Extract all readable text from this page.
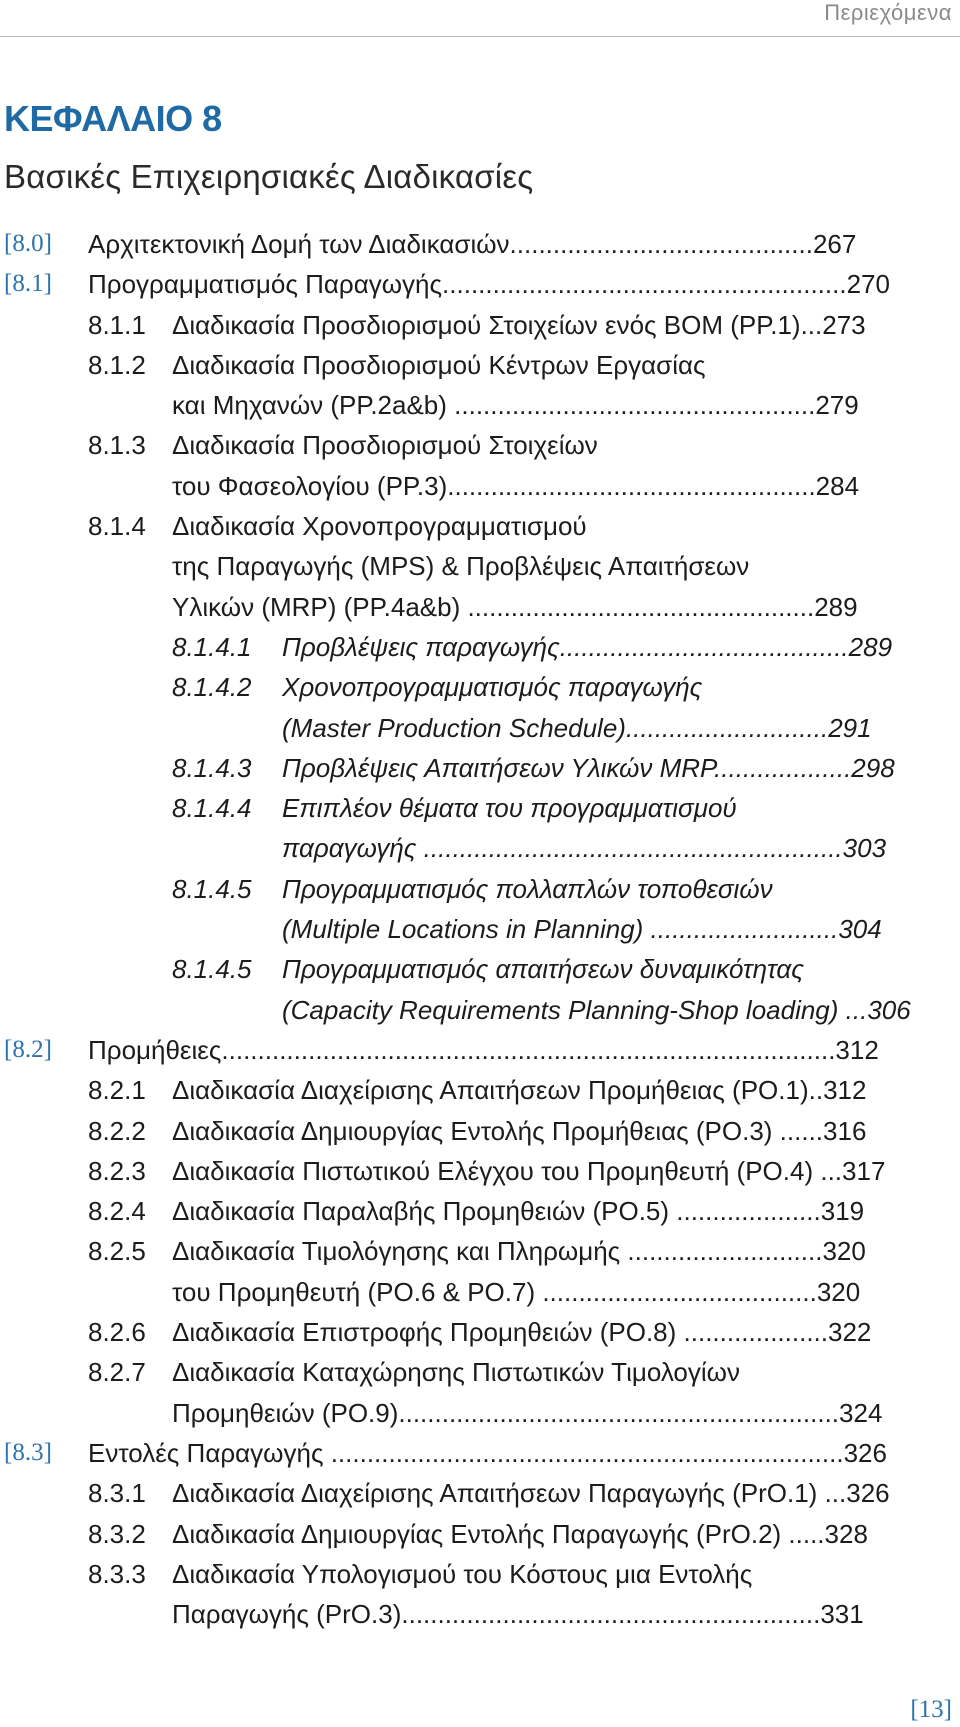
Περιεχόμενα
ΚΕΦΑΛΑΙΟ 8
Βασικές Επιχειρησιακές Διαδικασίες
[8.0] Αρχιτεκτονική Δομή των Διαδικασιών..........................................267
[8.1] Προγραμματισμός Παραγωγής........................................................270
8.1.1 Διαδικασία Προσδιορισμού Στοιχείων ενός BOM (PP.1)...273
8.1.2 Διαδικασία Προσδιορισμού Κέντρων Εργασίας
και Μηχανών (PP.2a&b) ..................................................279
8.1.3 Διαδικασία Προσδιορισμού Στοιχείων
του Φασεολογίου (PP.3)...................................................284
8.1.4 Διαδικασία Χρονοπρογραμματισμού
της Παραγωγής (MPS) & Προβλέψεις Απαιτήσεων
Υλικών (MRP) (PP.4a&b) ................................................289
8.1.4.1 Προβλέψεις παραγωγής........................................289
8.1.4.2 Χρονοπρογραμματισμός παραγωγής
(Master Production Schedule)............................291
8.1.4.3 Προβλέψεις Απαιτήσεων Υλικών MRP...................298
8.1.4.4 Επιπλέον θέματα του προγραμματισμού
παραγωγής ..........................................................303
8.1.4.5 Προγραμματισμός πολλαπλών τοποθεσιών
(Multiple Locations in Planning) ..........................304
8.1.4.5 Προγραμματισμός απαιτήσεων δυναμικότητας
(Capacity Requirements Planning-Shop loading) ...306
[8.2] Προμήθειες.....................................................................................312
8.2.1 Διαδικασία Διαχείρισης Απαιτήσεων Προμήθειας (PO.1)..312
8.2.2 Διαδικασία Δημιουργίας Εντολής Προμήθειας (PO.3) ......316
8.2.3 Διαδικασία Πιστωτικού Ελέγχου του Προμηθευτή (PO.4) ...317
8.2.4 Διαδικασία Παραλαβής Προμηθειών (PO.5) ....................319
8.2.5 Διαδικασία Τιμολόγησης και Πληρωμής ...........................320
του Προμηθευτή (PO.6 & PO.7) ......................................320
8.2.6 Διαδικασία Επιστροφής Προμηθειών (PO.8) ....................322
8.2.7 Διαδικασία Καταχώρησης Πιστωτικών Τιμολογίων
Προμηθειών (PO.9).............................................................324
[8.3] Εντολές Παραγωγής .......................................................................326
8.3.1 Διαδικασία Διαχείρισης Απαιτήσεων Παραγωγής (PrO.1) ...326
8.3.2 Διαδικασία Δημιουργίας Εντολής Παραγωγής (PrO.2) .....328
8.3.3 Διαδικασία Υπολογισμού του Κόστους μια Εντολής
Παραγωγής (PrO.3)..........................................................331
[13]
